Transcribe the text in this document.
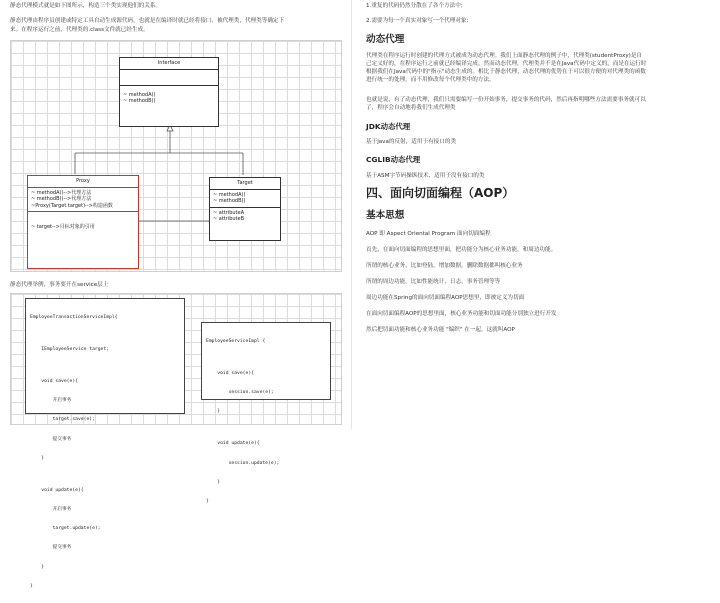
静态代理模式就是如下图所示，构造三个类实现他们的关系。
静态代理由程序员创建或特定工具自动生成源代码，也就是在编译时就已经将接口，被代理类，代理类等确定下
来。在程序运行之前，代理类的.class文件就已经生成。
Interface
~ methodA()
~ methodB()
Proxy
~ methodA()-->代理方法
~ methodB()-->代理方法
~Proxy(Target target)-->构造函数
~ target-->目标对象的引用
Target
~ methodA()
~ methodB()
~ attributeA
~ attributeB
静态代理举例，事务要开在service层上

EmployeeTransactionServiceImpl{

IEmployeeService target;

void save(e){

开启事务

target.save(e);

提交事务

}

void update(e){

开启事务

target.update(e);

提交事务

}

}

EmployeeServiceImpl {

void save(e){

session.save(e);

}

void update(e){

session.update(e);

}

}

1.重复的代码仍然分散在了各个方法中;
2.需要为每一个真实对象写一个代理对象;
动态代理
代理类在程序运行时创建的代理方式被成为动态代理。我们上面静态代理的例子中，代理类(studentProxy)是自
己定义好的，在程序运行之前就已经编译完成。然而动态代理，代理类并不是在Java代码中定义的，而是在运行时
根据我们在Java代码中的"指示"动态生成的。相比于静态代理，动态代理的优势在于可以很方便的对代理类的函数
进行统一的处理，而不用修改每个代理类中的方法。
也就是说，有了动态代理，我们只需要编写一份开始事务，提交事务的代码，然后再指明哪些方法需要事务就可以
了，程序会自动地将我们生成代理类
JDK动态代理
基于java的反射，适用于有接口的类
CGLIB动态代理
基于ASM字节码操纵技术，适用于没有接口的类
四、面向切面编程（AOP）
基本思想
AOP 即 Aspect Oriental Program 面向切面编程
首先，在面向切面编程的思想里面，把功能分为核心业务功能，和周边功能。
所谓的核心业务，比如登陆，增加数据，删除数据都叫核心业务
所谓的周边功能，比如性能统计，日志，事务管理等等
周边功能在Spring的面向切面编程AOP思想里，即被定义为切面
在面向切面编程AOP的思想里面，核心业务功能和切面功能分别独立进行开发
然后把切面功能和核心业务功能 "编织" 在一起，这就叫AOP
